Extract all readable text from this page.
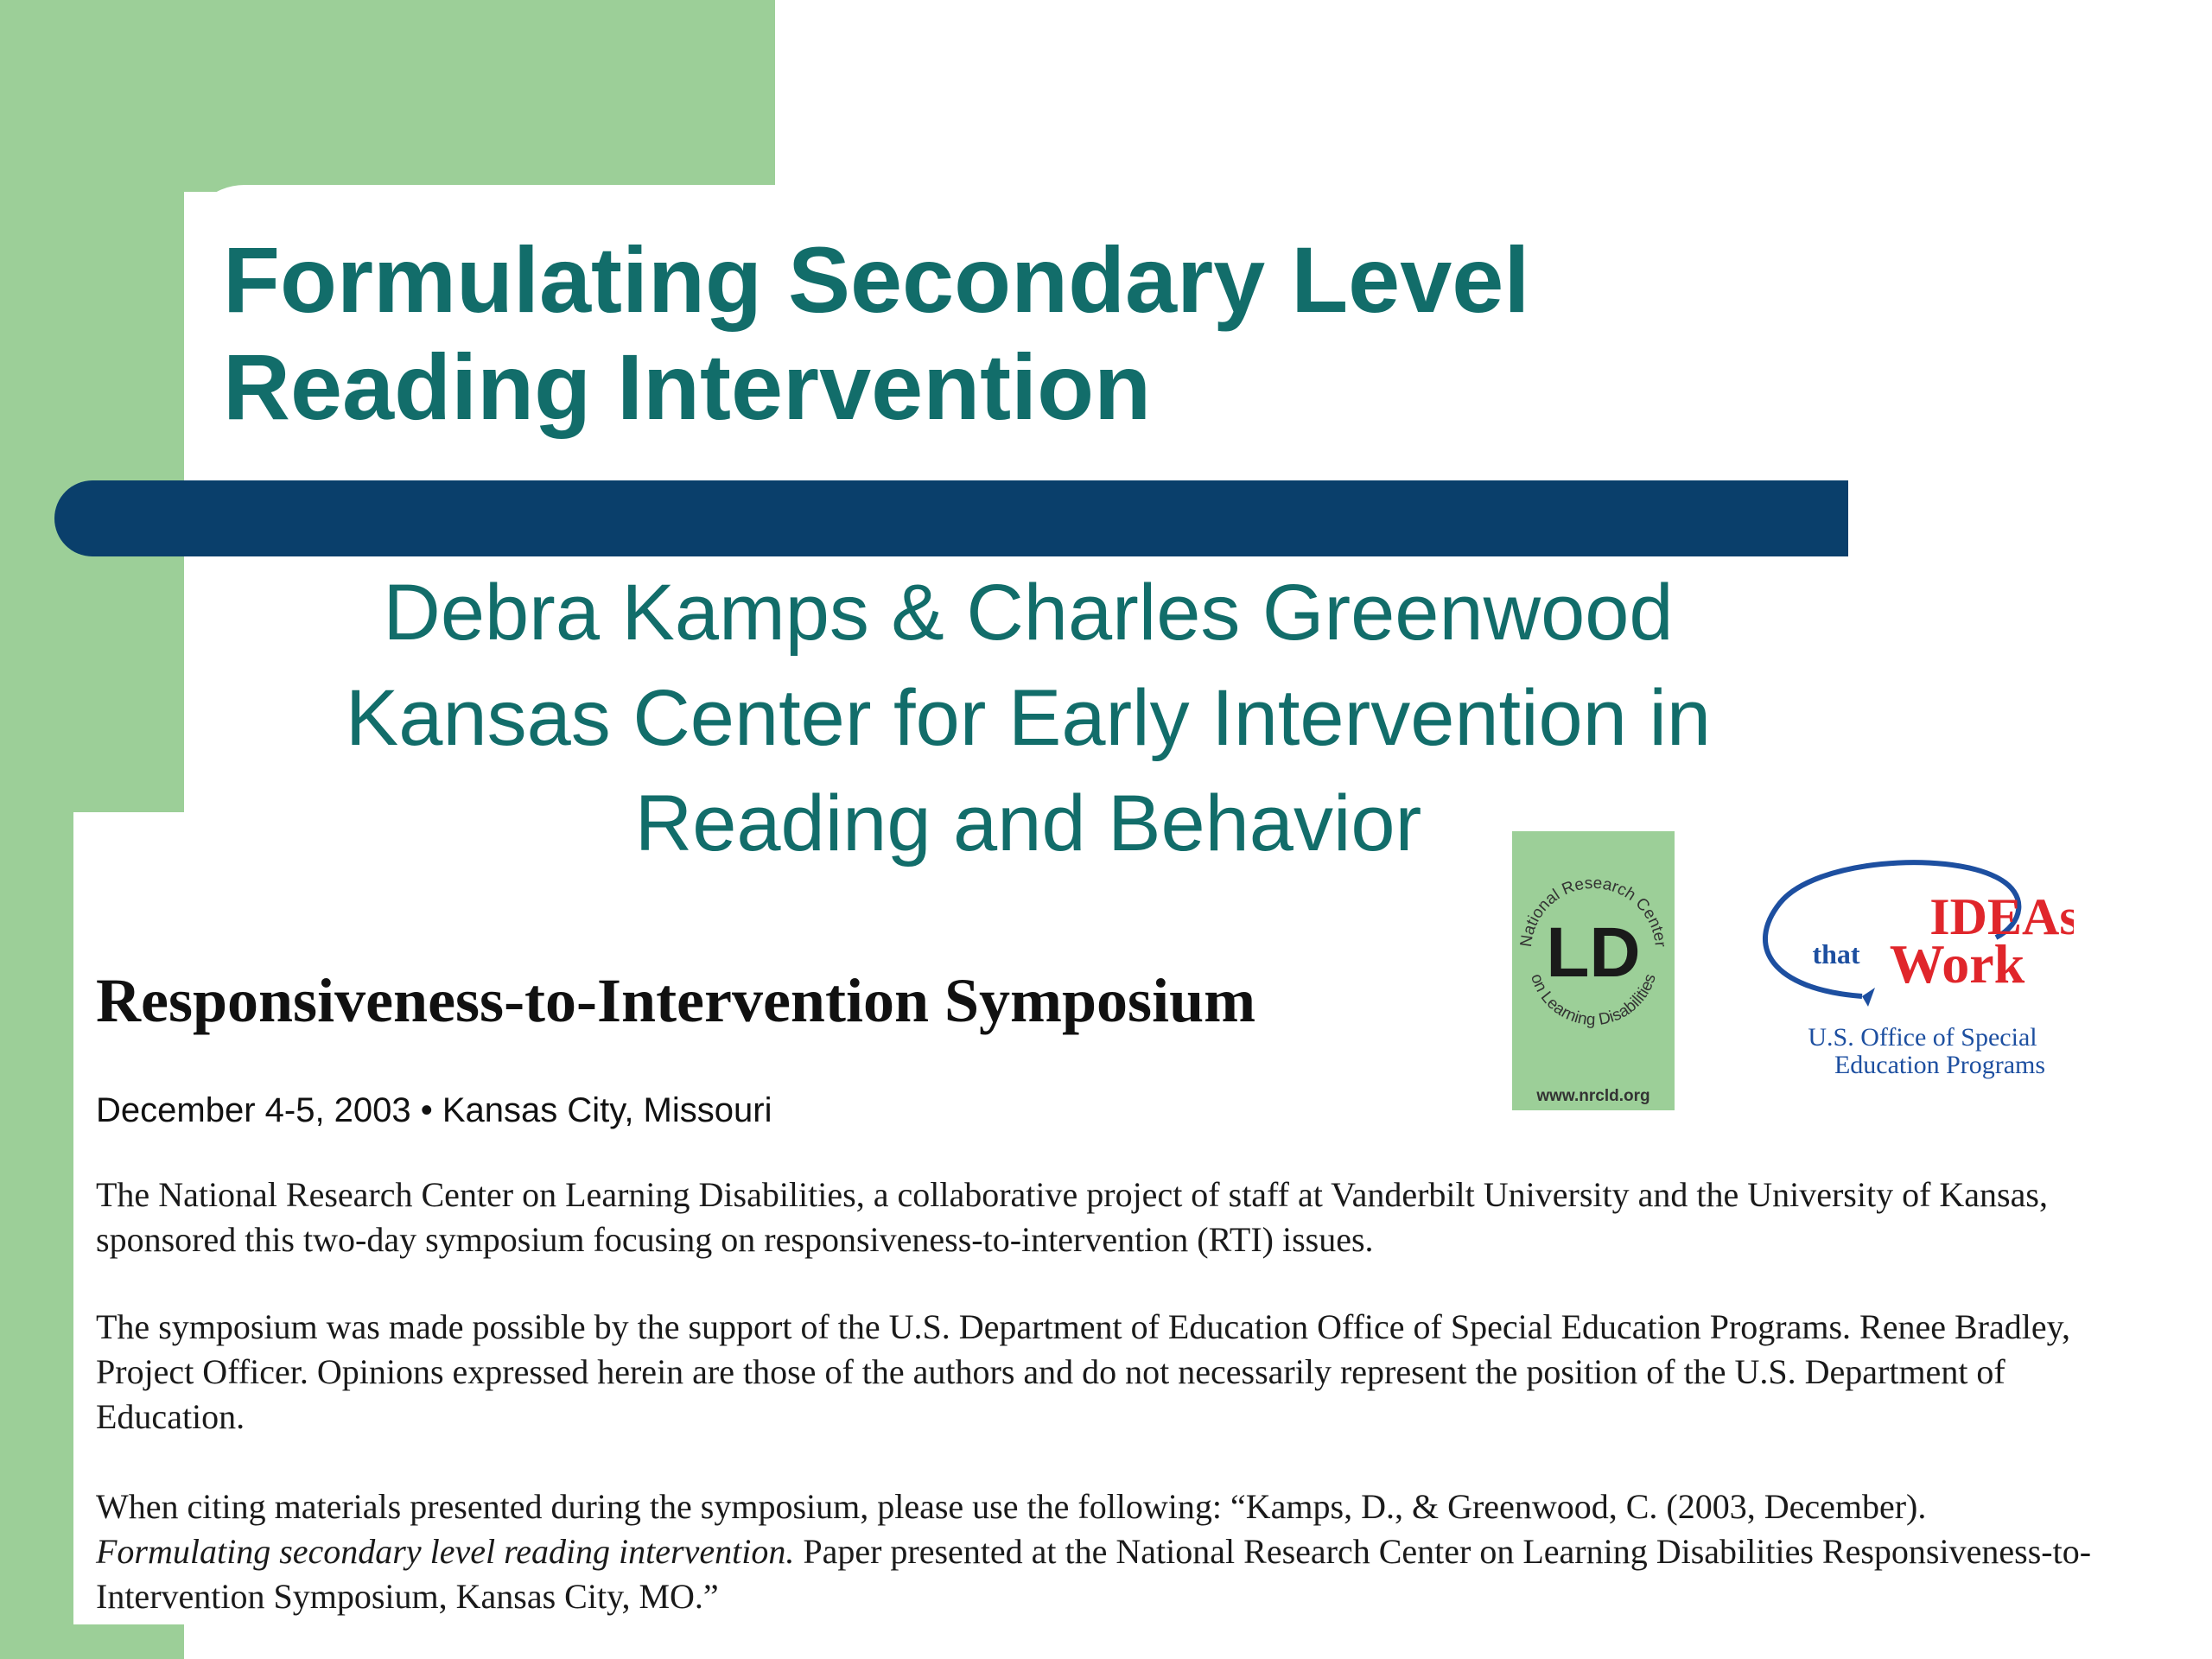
Formulating Secondary Level
Reading Intervention
Debra Kamps & Charles Greenwood
Kansas Center for Early Intervention in
Reading and Behavior
National Research Center
on Learning Disabilities
LD
www.nrcld.org
IDEAs
that Work
U.S. Office of Special
Education Programs
Responsiveness-to-Intervention Symposium
December 4-5, 2003 • Kansas City, Missouri

The National Research Center on Learning Disabilities, a collaborative project of staff at Vanderbilt University and the University of Kansas, sponsored this two-day symposium focusing on responsiveness-to-intervention (RTI) issues.

The symposium was made possible by the support of the U.S. Department of Education Office of Special Education Programs. Renee Bradley, Project Officer. Opinions expressed herein are those of the authors and do not necessarily represent the position of the U.S. Department of Education.

When citing materials presented during the symposium, please use the following: “Kamps, D., & Greenwood, C. (2003, December). Formulating secondary level reading intervention. Paper presented at the National Research Center on Learning Disabilities Responsiveness-to-Intervention Symposium, Kansas City, MO.”
